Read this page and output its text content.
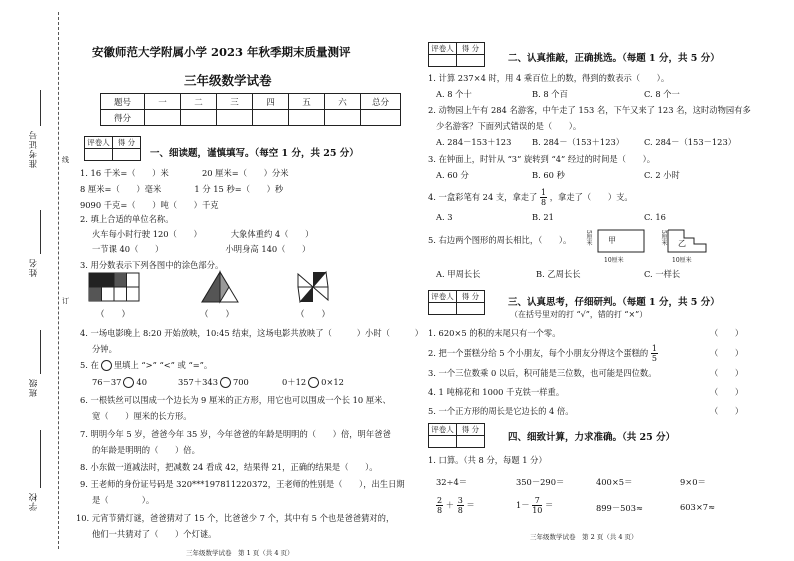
准考证号
姓名
班级
学校
线
订
安徽师范大学附属小学 2023 年秋季期末质量测评
三年级数学试卷
题号	一	二	三	四	五	六	总分
得分							
评卷人	得 分

一、细读题，谨慎填写。（每空 1 分，共 25 分）
1. 16 千米=（　　）米　　　　20 厘米=（　　）分米
8 厘米=（　　）毫米　　　　1 分 15 秒=（　　）秒
9090 千克=（　　）吨（　　）千克
2. 填上合适的单位名称。
火车每小时行驶 120（　　）　　　　大象体重约 4（　　）
一节课 40（　　）　　　　　　　　小明身高 140（　　）
3. 用分数表示下列各图中的涂色部分。
（　　）	（　　）	（　　）
4. 一场电影晚上 8:20 开始放映，10:45 结束，这场电影共放映了（　　　）小时（　　　）
分钟。
5. 在 里填上 “>” “<” 或 “=”。
76－37 40	357＋343 700	0＋12 0×12
6. 一根铁丝可以围成一个边长为 9 厘米的正方形，用它也可以围成一个长 10 厘米、
宽（　　）厘米的长方形。
7. 明明今年 5 岁，爸爸今年 35 岁，今年爸爸的年龄是明明的（　　）倍，明年爸爸
的年龄是明明的（　　）倍。
8. 小东做一道减法时，把减数 24 看成 42，结果得 21，正确的结果是（　　）。
9. 王老师的身份证号码是 320***197811220372，王老师的性别是（　　），出生日期
是（　　　　）。
10. 元宵节猜灯谜，爸爸猜对了 15 个，比爸爸少 7 个，其中有 5 个也是爸爸猜对的，
他们一共猜对了（　　）个灯谜。
三年级数学试卷　第 1 页（共 4 页）
评卷人	得 分

二、认真推敲，正确挑选。（每题 1 分，共 5 分）
1. 计算 237×4 时，用 4 乘百位上的数，得到的数表示（　　）。
A. 8 个十	B. 8 个百	C. 8 个一
2. 动物园上午有 284 名游客，中午走了 153 名，下午又来了 123 名，这时动物园有多
少名游客？下面列式错误的是（　　）。
A. 284－153＋123 B. 284－（153＋123） C. 284－（153－123）
3. 在钟面上，时针从 “3” 旋转到 “4” 经过的时间是（　　）。
A. 60 分	B. 60 秒	C. 2 小时
4. 一盒彩笔有 24 支，拿走了 $\frac{1}{8}$ ，拿走了（　　）支。
A. 3	B. 21	C. 16
5. 右边两个图形的周长相比，（　　）。	甲
5厘米
10厘米
乙
5厘米
10厘米
A. 甲周长长	B. 乙周长长	C. 一样长
评卷人	得 分

三、认真思考，仔细研判。（每题 1 分，共 5 分）
（在括号里对的打 “√”，错的打 “×”）
1. 620×5 的积的末尾只有一个零。	（　　）
2. 把一个蛋糕分给 5 个小朋友，每个小朋友分得这个蛋糕的 $\frac{1}{5}$	（　　）
3. 一个三位数乘 0 以后，积可能是三位数，也可能是四位数。	（　　）
4. 1 吨棉花和 1000 千克铁一样重。	（　　）
5. 一个正方形的周长是它边长的 4 倍。	（　　）
评卷人	得 分

四、细致计算，力求准确。（共 25 分）
1. 口算。（共 8 分，每题 1 分）
32÷4＝	350－290＝	400×5＝	9×0＝
$\frac{2}{8} + \frac{3}{8}$ ＝	$1- \frac{7}{10}$ ＝	899－503≈	603×7≈
三年级数学试卷　第 2 页（共 4 页）
